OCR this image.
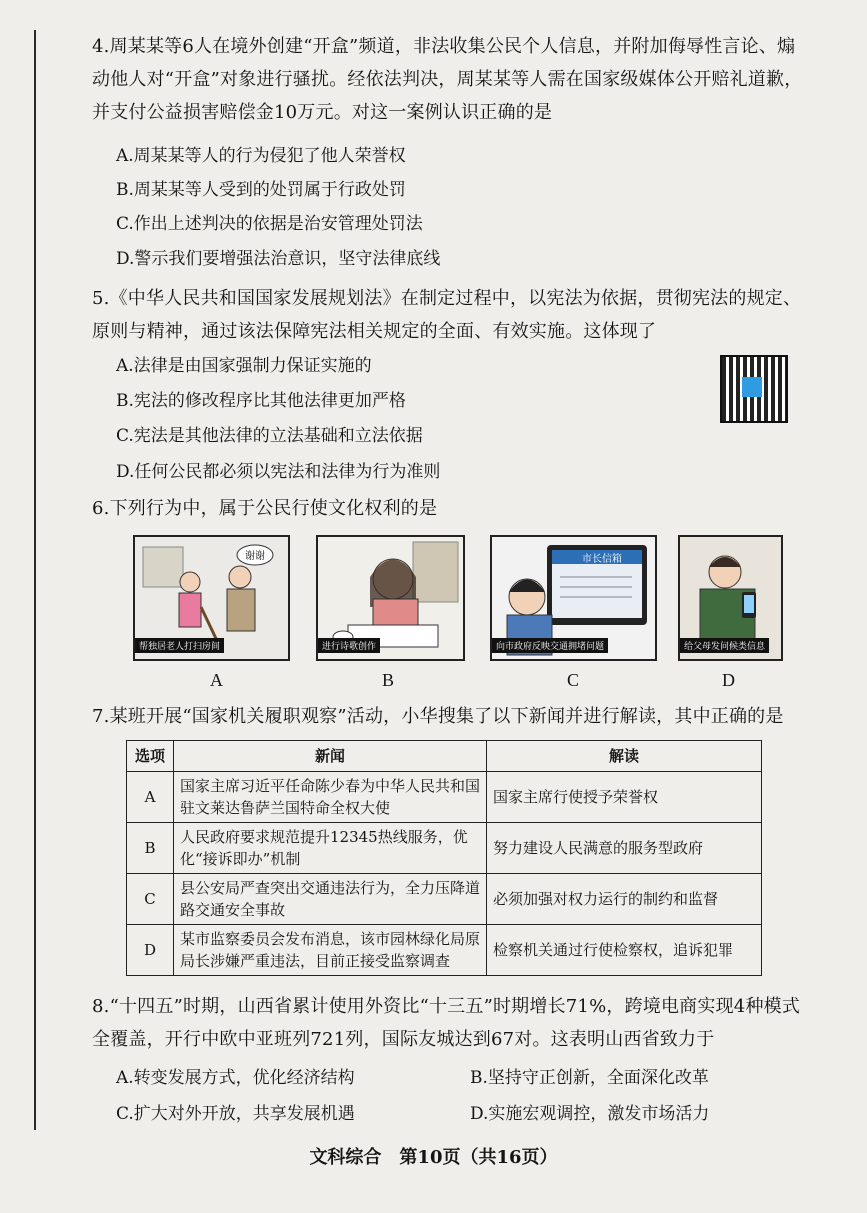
4.周某某等6人在境外创建“开盒”频道，非法收集公民个人信息，并附加侮辱性言论、煽动他人对“开盒”对象进行骚扰。经依法判决，周某某等人需在国家级媒体公开赔礼道歉，并支付公益损害赔偿金10万元。对这一案例认识正确的是
A.周某某等人的行为侵犯了他人荣誉权
B.周某某等人受到的处罚属于行政处罚
C.作出上述判决的依据是治安管理处罚法
D.警示我们要增强法治意识，坚守法律底线
5.《中华人民共和国国家发展规划法》在制定过程中，以宪法为依据，贯彻宪法的规定、原则与精神，通过该法保障宪法相关规定的全面、有效实施。这体现了
A.法律是由国家强制力保证实施的
B.宪法的修改程序比其他法律更加严格
C.宪法是其他法律的立法基础和立法依据
D.任何公民都必须以宪法和法律为行为准则
6.下列行为中，属于公民行使文化权利的是
谢谢
帮独居老人打扫房间	进行诗歌创作
市长信箱
向市政府反映交通拥堵问题	给父母发问候类信息
A	B	C	D
7.某班开展“国家机关履职观察”活动，小华搜集了以下新闻并进行解读，其中正确的是
选项	新闻	解读
A	国家主席习近平任命陈少春为中华人民共和国驻文莱达鲁萨兰国特命全权大使	国家主席行使授予荣誉权
B	人民政府要求规范提升12345热线服务，优化“接诉即办”机制	努力建设人民满意的服务型政府
C	县公安局严查突出交通违法行为，全力压降道路交通安全事故	必须加强对权力运行的制约和监督
D	某市监察委员会发布消息，该市园林绿化局原局长涉嫌严重违法，目前正接受监察调查	检察机关通过行使检察权，追诉犯罪
8.“十四五”时期，山西省累计使用外资比“十三五”时期增长71%，跨境电商实现4种模式全覆盖，开行中欧中亚班列721列，国际友城达到67对。这表明山西省致力于
A.转变发展方式，优化经济结构	B.坚持守正创新，全面深化改革
C.扩大对外开放，共享发展机遇	D.实施宏观调控，激发市场活力
文科综合　第10页（共16页）
